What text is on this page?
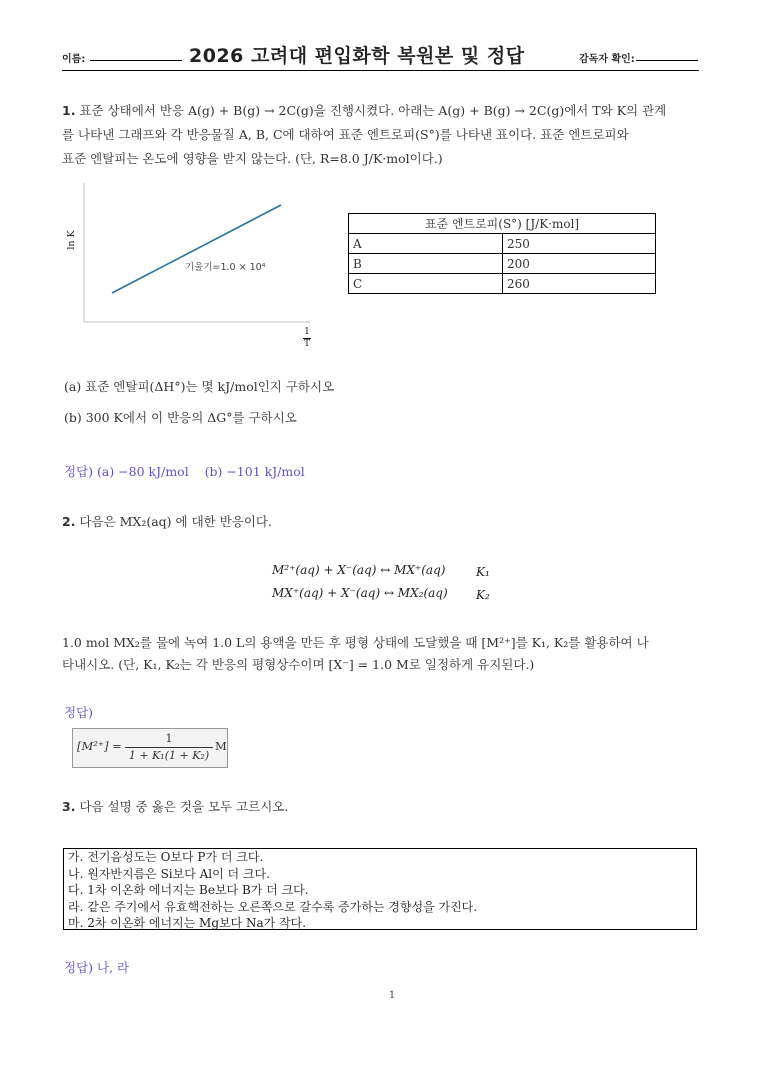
이름:	2026 고려대 편입화학 복원본 및 정답	감독자 확인:
1. 표준 상태에서 반응 A(g) + B(g) → 2C(g)을 진행시켰다. 아래는 A(g) + B(g) → 2C(g)에서 T와 K의 관계
를 나타낸 그래프와 각 반응물질 A, B, C에 대하여 표준 엔트로피(S°)를 나타낸 표이다. 표준 엔트로피와
표준 엔탈피는 온도에 영향을 받지 않는다. (단, R=8.0 J/K·mol이다.)
ln K
기울기=1.0 × 10⁴
1
T
표준 엔트로피(S°) [J/K·mol]	
A	250
B	200
C	260
(a) 표준 엔탈피(ΔH°)는 몇 kJ/mol인지 구하시오
(b) 300 K에서 이 반응의 ΔG°를 구하시오
정답) (a) −80 kJ/mol    (b) −101 kJ/mol
2. 다음은 MX₂(aq) 에 대한 반응이다.
M²⁺(aq) + X⁻(aq) ↔ MX⁺(aq)	K₁
MX⁺(aq) + X⁻(aq) ↔ MX₂(aq) K₂
1.0 mol MX₂를 물에 녹여 1.0 L의 용액을 만든 후 평형 상태에 도달했을 때 [M²⁺]를 K₁, K₂를 활용하여 나
타내시오. (단, K₁, K₂는 각 반응의 평형상수이며 [X⁻] = 1.0 M로 일정하게 유지된다.)
정답)
[M²⁺] =
1
1 + K₁(1 + K₂)
M
3. 다음 설명 중 옳은 것을 모두 고르시오.
가. 전기음성도는 O보다 P가 더 크다.
나. 원자반지름은 Si보다 Al이 더 크다.
다. 1차 이온화 에너지는 Be보다 B가 더 크다.
라. 같은 주기에서 유효핵전하는 오른쪽으로 갈수록 증가하는 경향성을 가진다.
마. 2차 이온화 에너지는 Mg보다 Na가 작다.
정답) 나, 라
1
